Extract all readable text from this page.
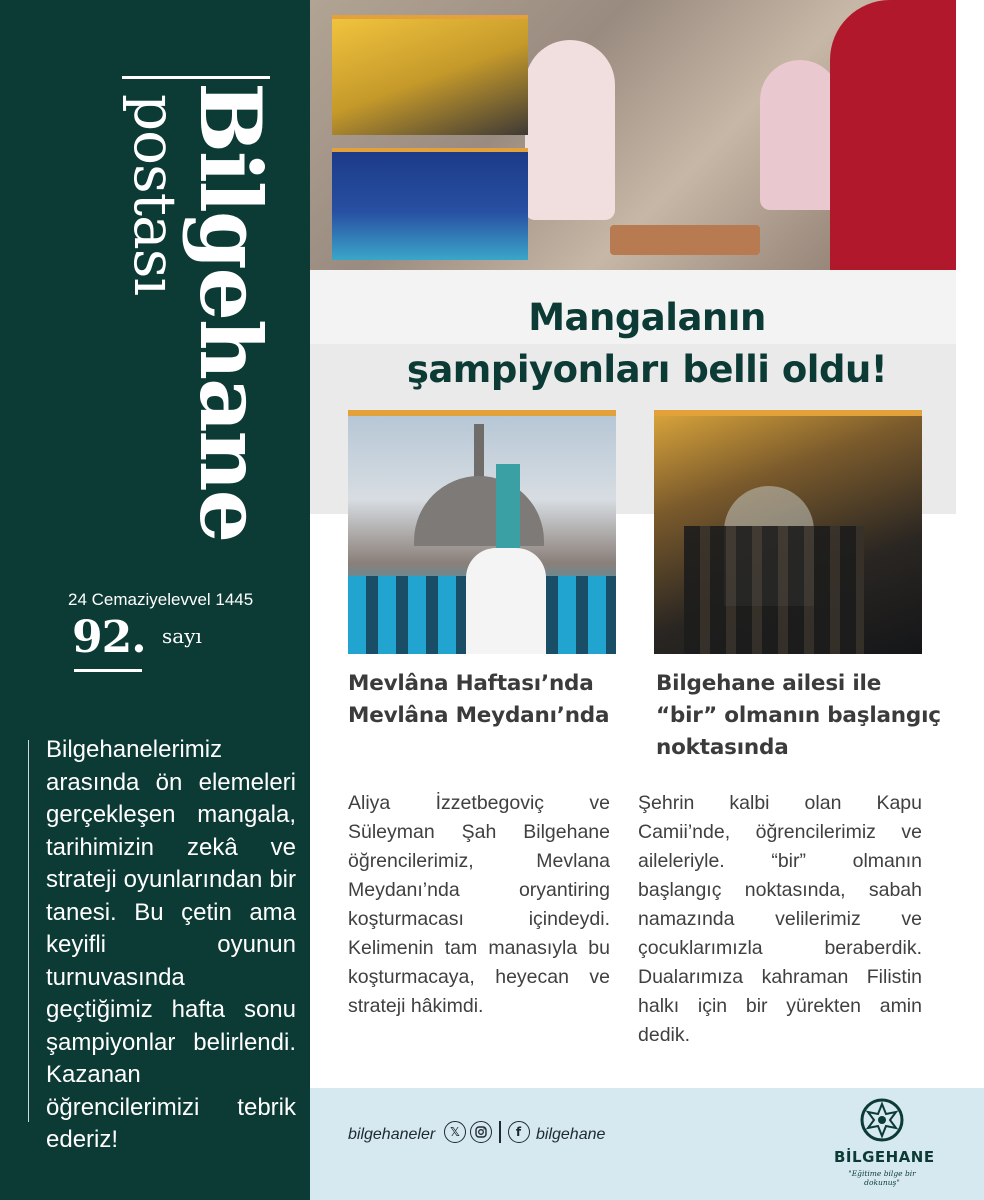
Bilgehane
postası
24 Cemaziyelevvel 1445
92. sayı

Bilgehanelerimiz arasında ön elemeleri gerçekleşen mangala, tarihimizin zekâ ve strateji oyunlarından bir tanesi. Bu çetin ama keyifli oyunun turnuvasında geçtiğimiz hafta sonu şampiyonlar belirlendi. Kazanan öğrencilerimizi tebrik ederiz!

Mangalanın
şampiyonları belli oldu!
Mevlâna Haftası’nda Mevlâna Meydanı’nda
Bilgehane ailesi ile “bir” olmanın başlangıç noktasında

Aliya İzzetbegoviç ve Süleyman Şah Bilgehane öğrencilerimiz, Mevlana Meydanı’nda oryantiring koşturmacası içindeydi. Kelimenin tam manasıyla bu koşturmacaya, heyecan ve strateji hâkimdi.

Şehrin kalbi olan Kapu Camii’nde, öğrencilerimiz ve aileleriyle. “bir” olmanın başlangıç noktasında, sabah namazında velilerimiz ve çocuklarımızla beraberdik. Dualarımıza kahraman Filistin halkı için bir yürekten amin dedik.

bilgehaneler	𝕏	f bilgehane
BİLGEHANE
"Eğitime bilge bir dokunuş"
